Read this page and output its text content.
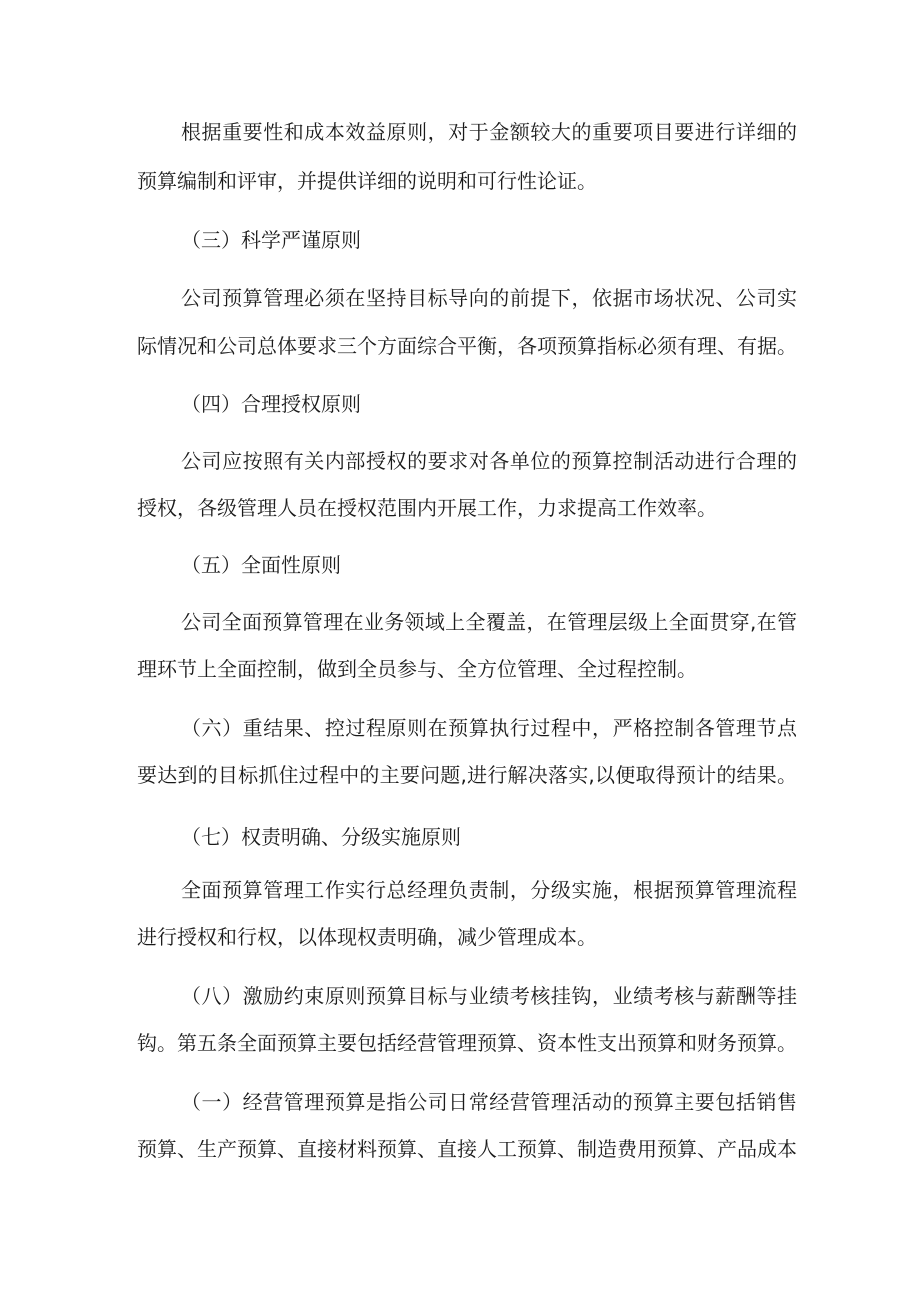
根据重要性和成本效益原则，对于金额较大的重要项目要进行详细的
预算编制和评审，并提供详细的说明和可行性论证。
（三）科学严谨原则
公司预算管理必须在坚持目标导向的前提下，依据市场状况、公司实
际情况和公司总体要求三个方面综合平衡，各项预算指标必须有理、有据。
（四）合理授权原则
公司应按照有关内部授权的要求对各单位的预算控制活动进行合理的
授权，各级管理人员在授权范围内开展工作，力求提高工作效率。
（五）全面性原则
公司全面预算管理在业务领域上全覆盖，在管理层级上全面贯穿,在管
理环节上全面控制，做到全员参与、全方位管理、全过程控制。
（六）重结果、控过程原则在预算执行过程中，严格控制各管理节点
要达到的目标抓住过程中的主要问题,进行解决落实,以便取得预计的结果。
（七）权责明确、分级实施原则
全面预算管理工作实行总经理负责制，分级实施，根据预算管理流程
进行授权和行权，以体现权责明确，减少管理成本。
（八）激励约束原则预算目标与业绩考核挂钩，业绩考核与薪酬等挂
钩。第五条全面预算主要包括经营管理预算、资本性支出预算和财务预算。
（一）经营管理预算是指公司日常经营管理活动的预算主要包括销售
预算、生产预算、直接材料预算、直接人工预算、制造费用预算、产品成本
